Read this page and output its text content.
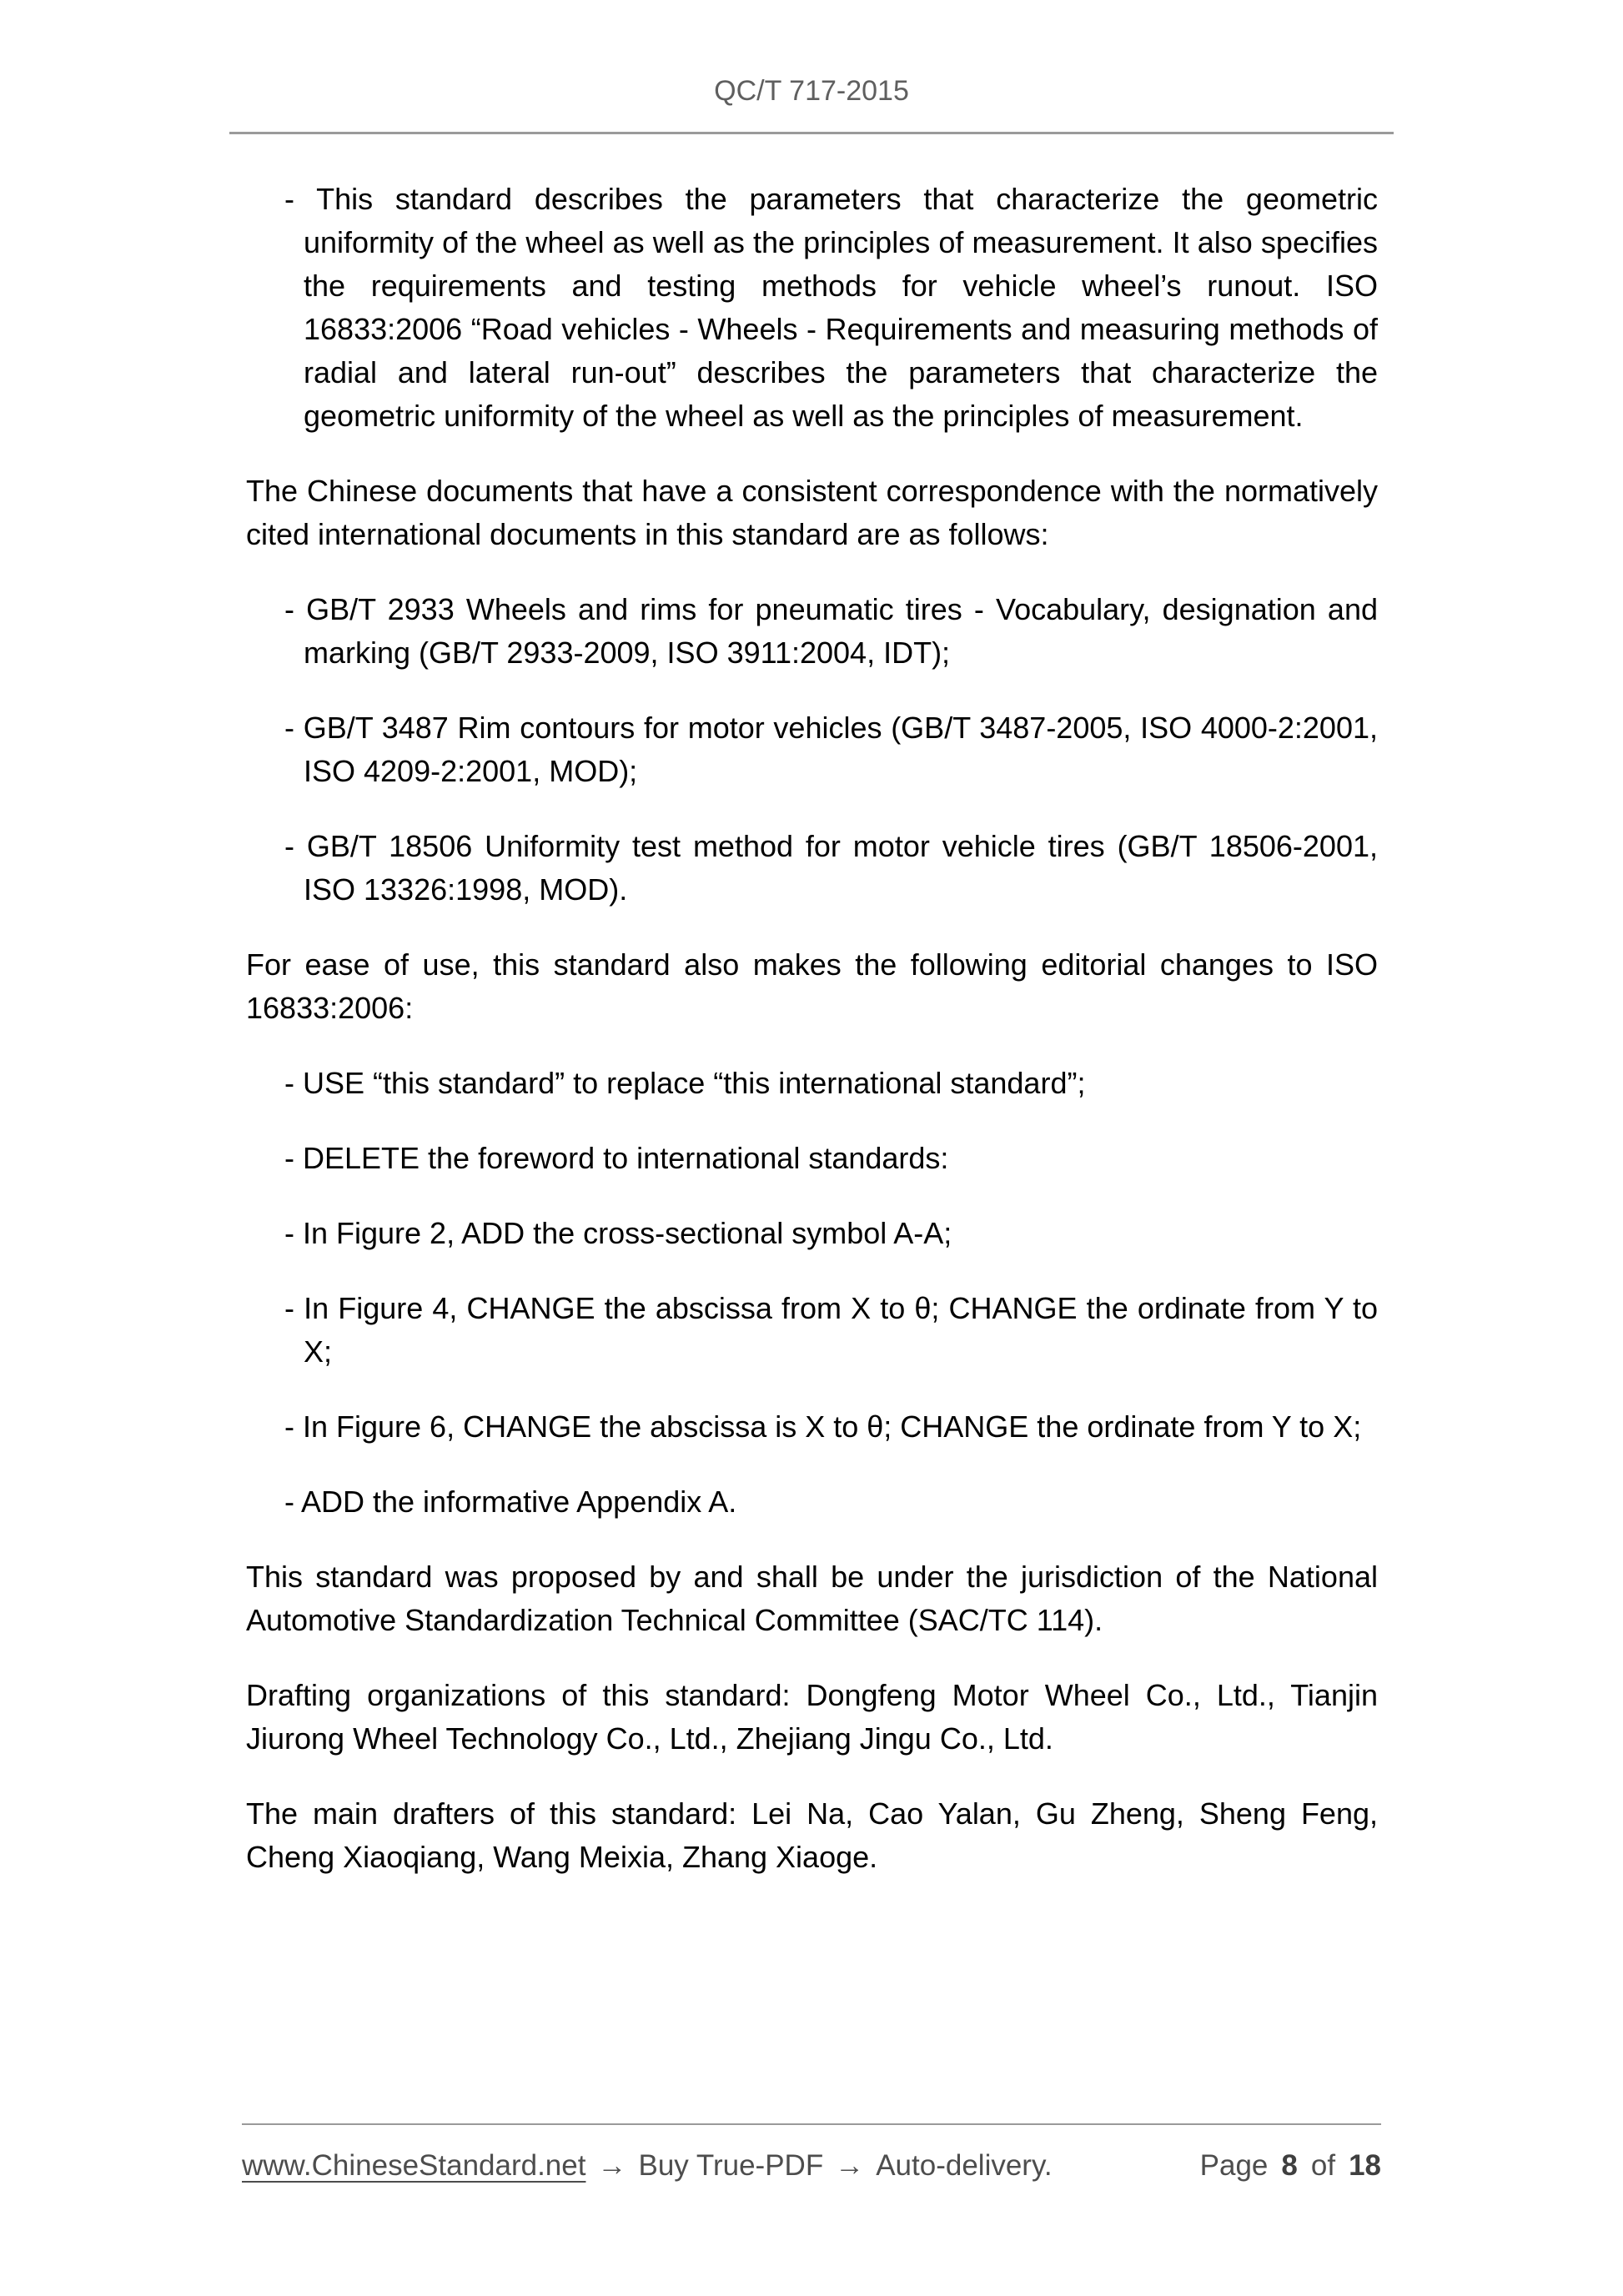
QC/T 717-2015
- This standard describes the parameters that characterize the geometric uniformity of the wheel as well as the principles of measurement. It also specifies the requirements and testing methods for vehicle wheel’s runout. ISO 16833:2006 “Road vehicles - Wheels - Requirements and measuring methods of radial and lateral run-out” describes the parameters that characterize the geometric uniformity of the wheel as well as the principles of measurement.
The Chinese documents that have a consistent correspondence with the normatively cited international documents in this standard are as follows:
- GB/T 2933 Wheels and rims for pneumatic tires - Vocabulary, designation and marking (GB/T 2933-2009, ISO 3911:2004, IDT);
- GB/T 3487 Rim contours for motor vehicles (GB/T 3487-2005, ISO 4000-2:2001, ISO 4209-2:2001, MOD);
- GB/T 18506 Uniformity test method for motor vehicle tires (GB/T 18506-2001, ISO 13326:1998, MOD).
For ease of use, this standard also makes the following editorial changes to ISO 16833:2006:
- USE “this standard” to replace “this international standard”;
- DELETE the foreword to international standards:
- In Figure 2, ADD the cross-sectional symbol A-A;
- In Figure 4, CHANGE the abscissa from X to θ; CHANGE the ordinate from Y to X;
- In Figure 6, CHANGE the abscissa is X to θ; CHANGE the ordinate from Y to X;
- ADD the informative Appendix A.
This standard was proposed by and shall be under the jurisdiction of the National Automotive Standardization Technical Committee (SAC/TC 114).
Drafting organizations of this standard: Dongfeng Motor Wheel Co., Ltd., Tianjin Jiurong Wheel Technology Co., Ltd., Zhejiang Jingu Co., Ltd.
The main drafters of this standard: Lei Na, Cao Yalan, Gu Zheng, Sheng Feng, Cheng Xiaoqiang, Wang Meixia, Zhang Xiaoge.
www.ChineseStandard.net → Buy True-PDF → Auto-delivery.	Page 8 of 18
